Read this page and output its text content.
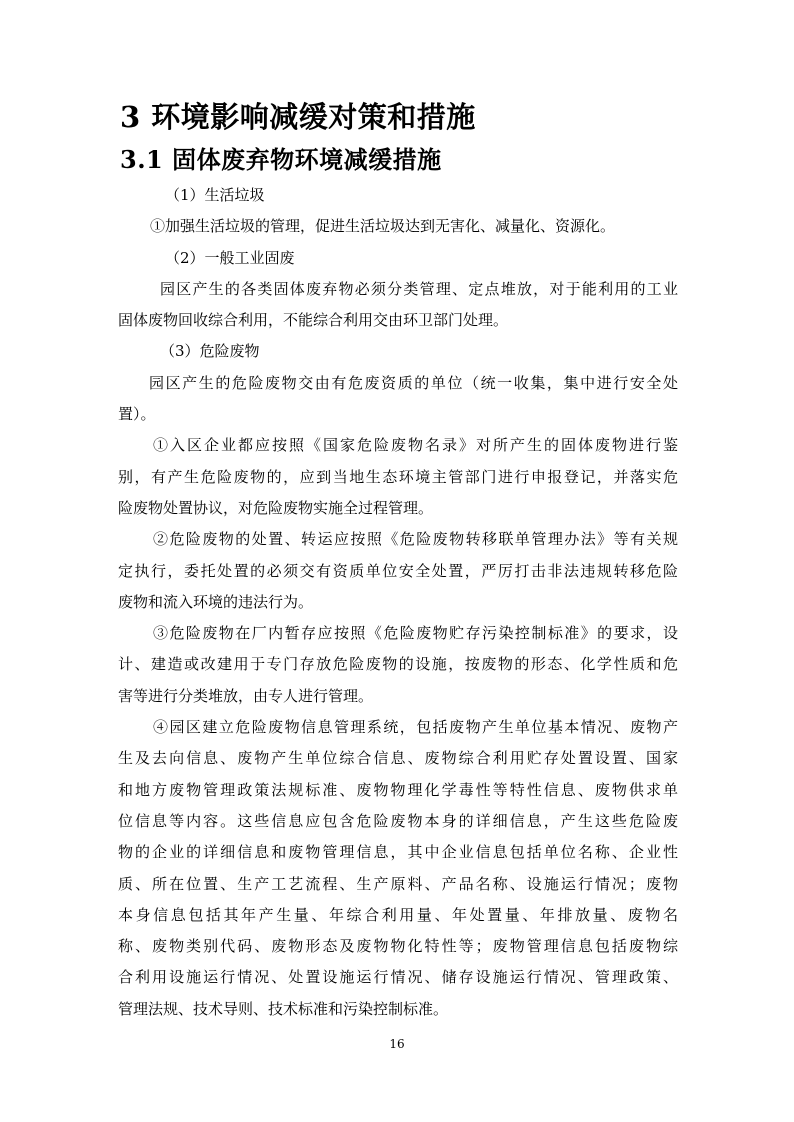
3 环境影响减缓对策和措施
3.1 固体废弃物环境减缓措施
（1）生活垃圾
①加强生活垃圾的管理，促进生活垃圾达到无害化、减量化、资源化。
（2）一般工业固废
园区产生的各类固体废弃物必须分类管理、定点堆放，对于能利用的工业
固体废物回收综合利用，不能综合利用交由环卫部门处理。
（3）危险废物
园区产生的危险废物交由有危废资质的单位（统一收集，集中进行安全处
置）。
①入区企业都应按照《国家危险废物名录》对所产生的固体废物进行鉴
别，有产生危险废物的，应到当地生态环境主管部门进行申报登记，并落实危
险废物处置协议，对危险废物实施全过程管理。
②危险废物的处置、转运应按照《危险废物转移联单管理办法》等有关规
定执行，委托处置的必须交有资质单位安全处置，严厉打击非法违规转移危险
废物和流入环境的违法行为。
③危险废物在厂内暂存应按照《危险废物贮存污染控制标准》的要求，设
计、建造或改建用于专门存放危险废物的设施，按废物的形态、化学性质和危
害等进行分类堆放，由专人进行管理。
④园区建立危险废物信息管理系统，包括废物产生单位基本情况、废物产
生及去向信息、废物产生单位综合信息、废物综合利用贮存处置设置、国家
和地方废物管理政策法规标准、废物物理化学毒性等特性信息、废物供求单
位信息等内容。这些信息应包含危险废物本身的详细信息，产生这些危险废
物的企业的详细信息和废物管理信息，其中企业信息包括单位名称、企业性
质、所在位置、生产工艺流程、生产原料、产品名称、设施运行情况；废物
本身信息包括其年产生量、年综合利用量、年处置量、年排放量、废物名
称、废物类别代码、废物形态及废物物化特性等；废物管理信息包括废物综
合利用设施运行情况、处置设施运行情况、储存设施运行情况、管理政策、
管理法规、技术导则、技术标准和污染控制标准。
16
